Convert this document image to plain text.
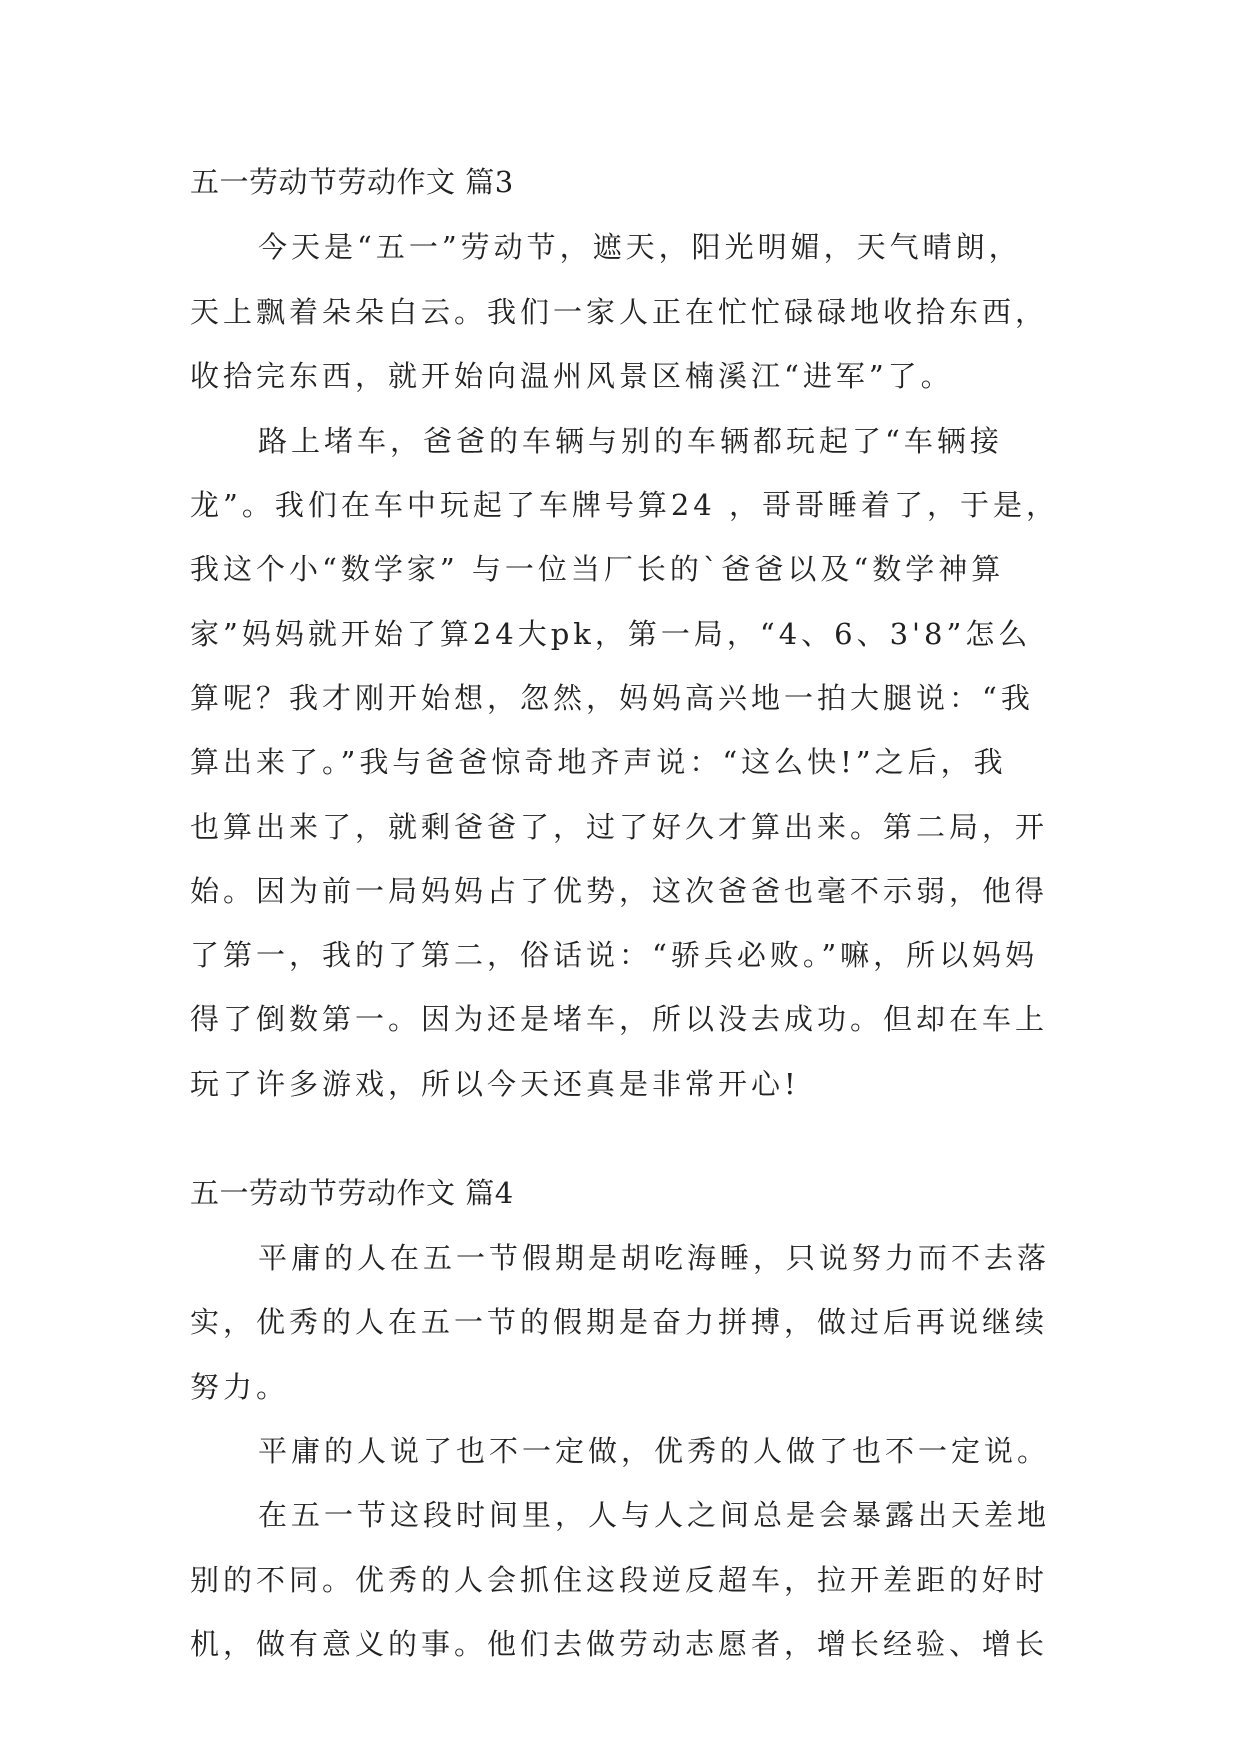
五一劳动节劳动作文 篇3
今天是“五一”劳动节，遮天，阳光明媚，天气晴朗，
天上飘着朵朵白云。我们一家人正在忙忙碌碌地收拾东西，
收拾完东西，就开始向温州风景区楠溪江“进军”了。
路上堵车，爸爸的车辆与别的车辆都玩起了“车辆接
龙”。我们在车中玩起了车牌号算24 ，哥哥睡着了，于是，
我这个小“数学家” 与一位当厂长的`爸爸以及“数学神算
家”妈妈就开始了算24大pk，第一局，“4、6、3'8”怎么
算呢？我才刚开始想，忽然，妈妈高兴地一拍大腿说：“我
算出来了。”我与爸爸惊奇地齐声说：“这么快!”之后，我
也算出来了，就剩爸爸了，过了好久才算出来。第二局，开
始。因为前一局妈妈占了优势，这次爸爸也毫不示弱，他得
了第一，我的了第二，俗话说：“骄兵必败。”嘛，所以妈妈
得了倒数第一。因为还是堵车，所以没去成功。但却在车上
玩了许多游戏，所以今天还真是非常开心!
五一劳动节劳动作文 篇4
平庸的人在五一节假期是胡吃海睡，只说努力而不去落
实，优秀的人在五一节的假期是奋力拼搏，做过后再说继续
努力。
平庸的人说了也不一定做，优秀的人做了也不一定说。
在五一节这段时间里，人与人之间总是会暴露出天差地
别的不同。优秀的人会抓住这段逆反超车，拉开差距的好时
机，做有意义的事。他们去做劳动志愿者，增长经验、增长
